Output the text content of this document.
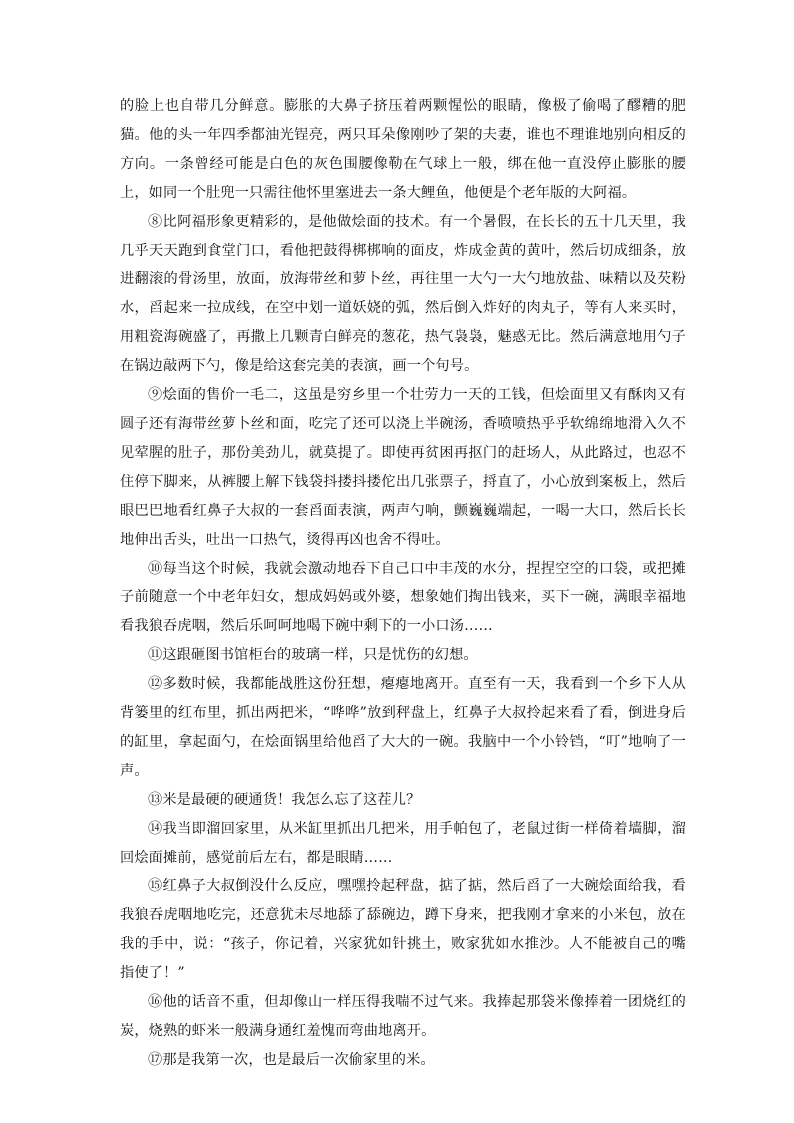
的脸上也自带几分鲜意。膨胀的大鼻子挤压着两颗惺忪的眼睛，像极了偷喝了醪糟的肥猫。他的头一年四季都油光锃亮，两只耳朵像刚吵了架的夫妻，谁也不理谁地别向相反的方向。一条曾经可能是白色的灰色围腰像勒在气球上一般，绑在他一直没停止膨胀的腰上，如同一个肚兜一只需往他怀里塞进去一条大鲤鱼，他便是个老年版的大阿福。

⑧比阿福形象更精彩的，是他做烩面的技术。有一个暑假，在长长的五十几天里，我几乎天天跑到食堂门口，看他把鼓得梆梆响的面皮，炸成金黄的黄叶，然后切成细条，放进翻滚的骨汤里，放面，放海带丝和萝卜丝，再往里一大勺一大勺地放盐、味精以及芡粉水，舀起来一拉成线，在空中划一道妖娆的弧，然后倒入炸好的肉丸子，等有人来买时，用粗瓷海碗盛了，再撒上几颗青白鲜亮的葱花，热气袅袅，魅惑无比。然后满意地用勺子在锅边敲两下勺，像是给这套完美的表演，画一个句号。

⑨烩面的售价一毛二，这虽是穷乡里一个壮劳力一天的工钱，但烩面里又有酥肉又有圆子还有海带丝萝卜丝和面，吃完了还可以浇上半碗汤，香喷喷热乎乎软绵绵地滑入久不见荤腥的肚子，那份美劲儿，就莫提了。即使再贫困再抠门的赶场人，从此路过，也忍不住停下脚来，从裤腰上解下钱袋抖搂抖搂佗出几张票子，捋直了，小心放到案板上，然后眼巴巴地看红鼻子大叔的一套舀面表演，两声勺响，颤巍巍端起，一喝一大口，然后长长地伸出舌头，吐出一口热气，烫得再凶也舍不得吐。

⑩每当这个时候，我就会激动地吞下自己口中丰茂的水分，捏捏空空的口袋，或把摊子前随意一个中老年妇女，想成妈妈或外婆，想象她们掏出钱来，买下一碗，满眼幸福地看我狼吞虎咽，然后乐呵呵地喝下碗中剩下的一小口汤……

⑪这跟砸图书馆柜台的玻璃一样，只是忧伤的幻想。

⑫多数时候，我都能战胜这份狂想，瘪瘪地离开。直至有一天，我看到一个乡下人从背篓里的红布里，抓出两把米，“哗哗”放到秤盘上，红鼻子大叔拎起来看了看，倒进身后的缸里，拿起面勺，在烩面锅里给他舀了大大的一碗。我脑中一个小铃铛，“叮”地响了一声。

⑬米是最硬的硬通货！我怎么忘了这茬儿？

⑭我当即溜回家里，从米缸里抓出几把米，用手帕包了，老鼠过街一样倚着墙脚，溜回烩面摊前，感觉前后左右，都是眼睛……

⑮红鼻子大叔倒没什么反应，嘿嘿拎起秤盘，掂了掂，然后舀了一大碗烩面给我，看我狼吞虎咽地吃完，还意犹未尽地舔了舔碗边，蹲下身来，把我刚才拿来的小米包，放在我的手中，说：“孩子，你记着，兴家犹如针挑土，败家犹如水推沙。人不能被自己的嘴指使了！”

⑯他的话音不重，但却像山一样压得我喘不过气来。我捧起那袋米像捧着一团烧红的炭，烧熟的虾米一般满身通红羞愧而弯曲地离开。

⑰那是我第一次，也是最后一次偷家里的米。
